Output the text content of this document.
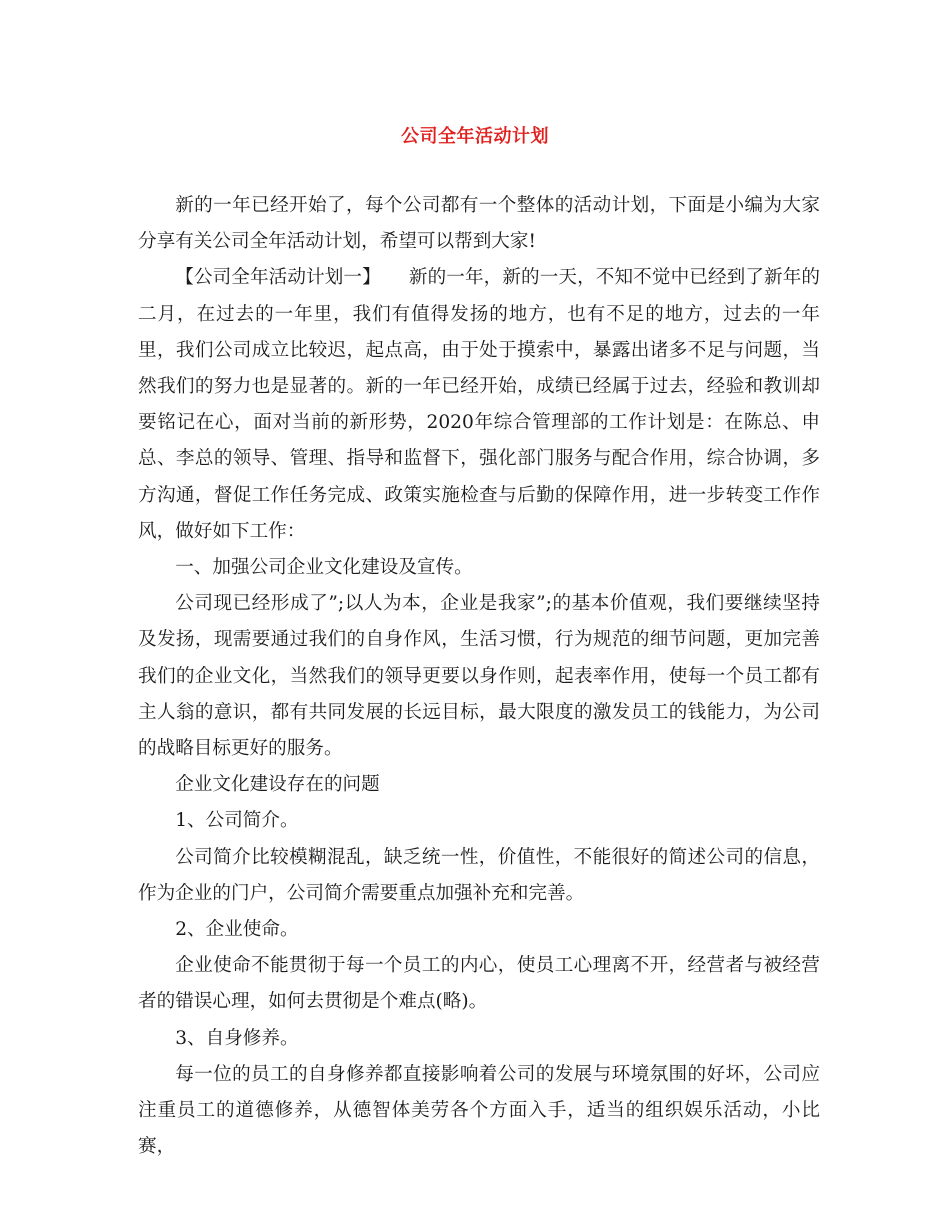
公司全年活动计划

新的一年已经开始了，每个公司都有一个整体的活动计划，下面是小编为大家分享有关公司全年活动计划，希望可以帮到大家!

【公司全年活动计划一】　　新的一年，新的一天，不知不觉中已经到了新年的二月，在过去的一年里，我们有值得发扬的地方，也有不足的地方，过去的一年里，我们公司成立比较迟，起点高，由于处于摸索中，暴露出诸多不足与问题，当然我们的努力也是显著的。新的一年已经开始，成绩已经属于过去，经验和教训却要铭记在心，面对当前的新形势，2020年综合管理部的工作计划是：在陈总、申总、李总的领导、管理、指导和监督下，强化部门服务与配合作用，综合协调，多方沟通，督促工作任务完成、政策实施检查与后勤的保障作用，进一步转变工作作风，做好如下工作：

一、加强公司企业文化建设及宣传。

公司现已经形成了”;以人为本，企业是我家”;的基本价值观，我们要继续坚持及发扬，现需要通过我们的自身作风，生活习惯，行为规范的细节问题，更加完善我们的企业文化，当然我们的领导更要以身作则，起表率作用，使每一个员工都有主人翁的意识，都有共同发展的长远目标，最大限度的激发员工的钱能力，为公司的战略目标更好的服务。

企业文化建设存在的问题

1、公司简介。

公司简介比较模糊混乱，缺乏统一性，价值性，不能很好的简述公司的信息，作为企业的门户，公司简介需要重点加强补充和完善。

2、企业使命。

企业使命不能贯彻于每一个员工的内心，使员工心理离不开，经营者与被经营者的错误心理，如何去贯彻是个难点(略)。

3、自身修养。

每一位的员工的自身修养都直接影响着公司的发展与环境氛围的好坏，公司应注重员工的道德修养，从德智体美劳各个方面入手，适当的组织娱乐活动，小比赛，
